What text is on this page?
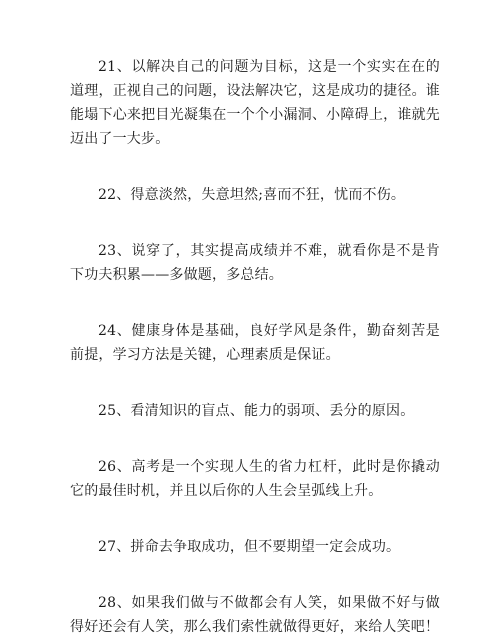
21、以解决自己的问题为目标，这是一个实实在在的道理，正视自己的问题，设法解决它，这是成功的捷径。谁能塌下心来把目光凝集在一个个小漏洞、小障碍上，谁就先迈出了一大步。

22、得意淡然，失意坦然;喜而不狂，忧而不伤。

23、说穿了，其实提高成绩并不难，就看你是不是肯下功夫积累——多做题，多总结。

24、健康身体是基础，良好学风是条件，勤奋刻苦是前提，学习方法是关键，心理素质是保证。

25、看清知识的盲点、能力的弱项、丢分的原因。

26、高考是一个实现人生的省力杠杆，此时是你撬动它的最佳时机，并且以后你的人生会呈弧线上升。

27、拼命去争取成功，但不要期望一定会成功。

28、如果我们做与不做都会有人笑，如果做不好与做得好还会有人笑，那么我们索性就做得更好，来给人笑吧！
